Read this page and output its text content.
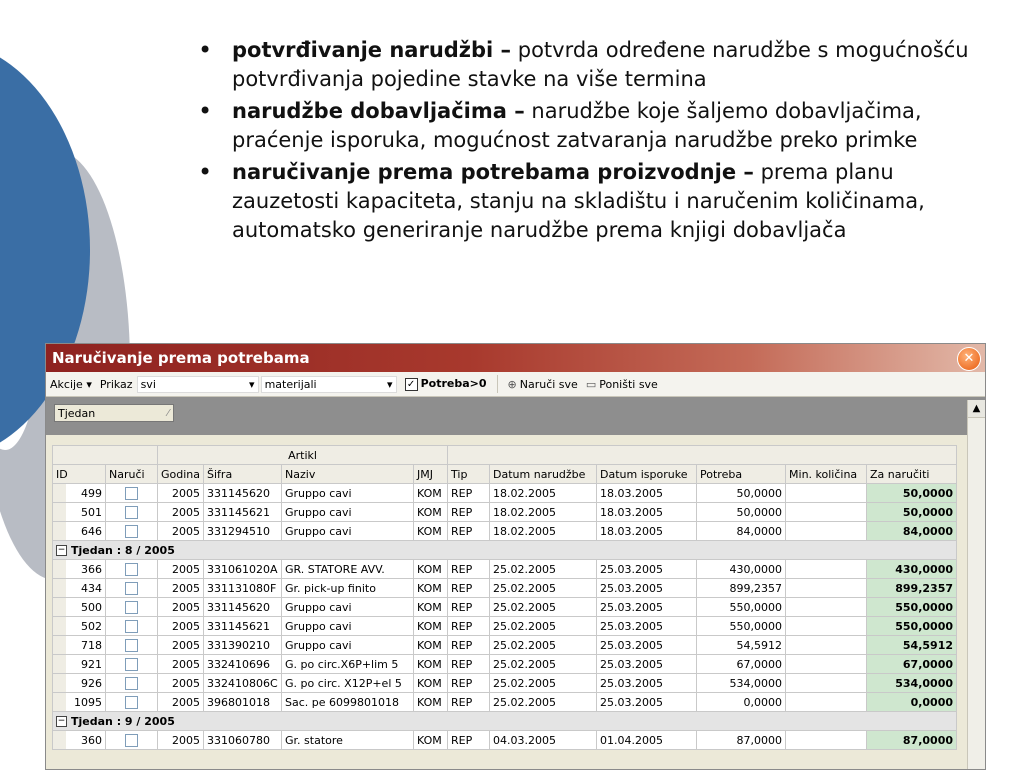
• potvrđivanje narudžbi – potvrda određene narudžbe s mogućnošću potvrđivanja pojedine stavke na više termina
• narudžbe dobavljačima – narudžbe koje šaljemo dobavljačima, praćenje isporuka, mogućnost zatvaranja narudžbe preko primke
• naručivanje prema potrebama proizvodnje – prema planu zauzetosti kapaciteta, stanju na skladištu i naručenim količinama, automatsko generiranje narudžbe prema knjigi dobavljača
Naručivanje prema potrebama	✕
Akcije ▾ Prikaz svi	▾ materijali	▾	✓ Potreba>0	⊕ Naruči sve ▭ Poništi sve
Tjedan	⁄	▲
			Artikl									
ID		Naruči	Godina	Šifra	Naziv	JMJ	Tip	Datum narudžbe	Datum isporuke	Potreba	Min. količina	Za naručiti
	499		2005	331145620	Gruppo cavi	KOM	REP	18.02.2005	18.03.2005	50,0000		50,0000
	501		2005	331145621	Gruppo cavi	KOM	REP	18.02.2005	18.03.2005	50,0000		50,0000
	646		2005	331294510	Gruppo cavi	KOM	REP	18.02.2005	18.03.2005	84,0000		84,0000
− Tjedan : 8 / 2005												
	366		2005	331061020A	GR. STATORE AVV.	KOM	REP	25.02.2005	25.03.2005	430,0000		430,0000
	434		2005	331131080F	Gr. pick-up finito	KOM	REP	25.02.2005	25.03.2005	899,2357		899,2357
	500		2005	331145620	Gruppo cavi	KOM	REP	25.02.2005	25.03.2005	550,0000		550,0000
	502		2005	331145621	Gruppo cavi	KOM	REP	25.02.2005	25.03.2005	550,0000		550,0000
	718		2005	331390210	Gruppo cavi	KOM	REP	25.02.2005	25.03.2005	54,5912		54,5912
	921		2005	332410696	G. po circ.X6P+lim 5	KOM	REP	25.02.2005	25.03.2005	67,0000		67,0000
	926		2005	332410806C	G. po circ. X12P+el 5	KOM	REP	25.02.2005	25.03.2005	534,0000		534,0000
	1095		2005	396801018	Sac. pe 6099801018	KOM	REP	25.02.2005	25.03.2005	0,0000		0,0000
− Tjedan : 9 / 2005												
	360		2005	331060780	Gr. statore	KOM	REP	04.03.2005	01.04.2005	87,0000		87,0000
